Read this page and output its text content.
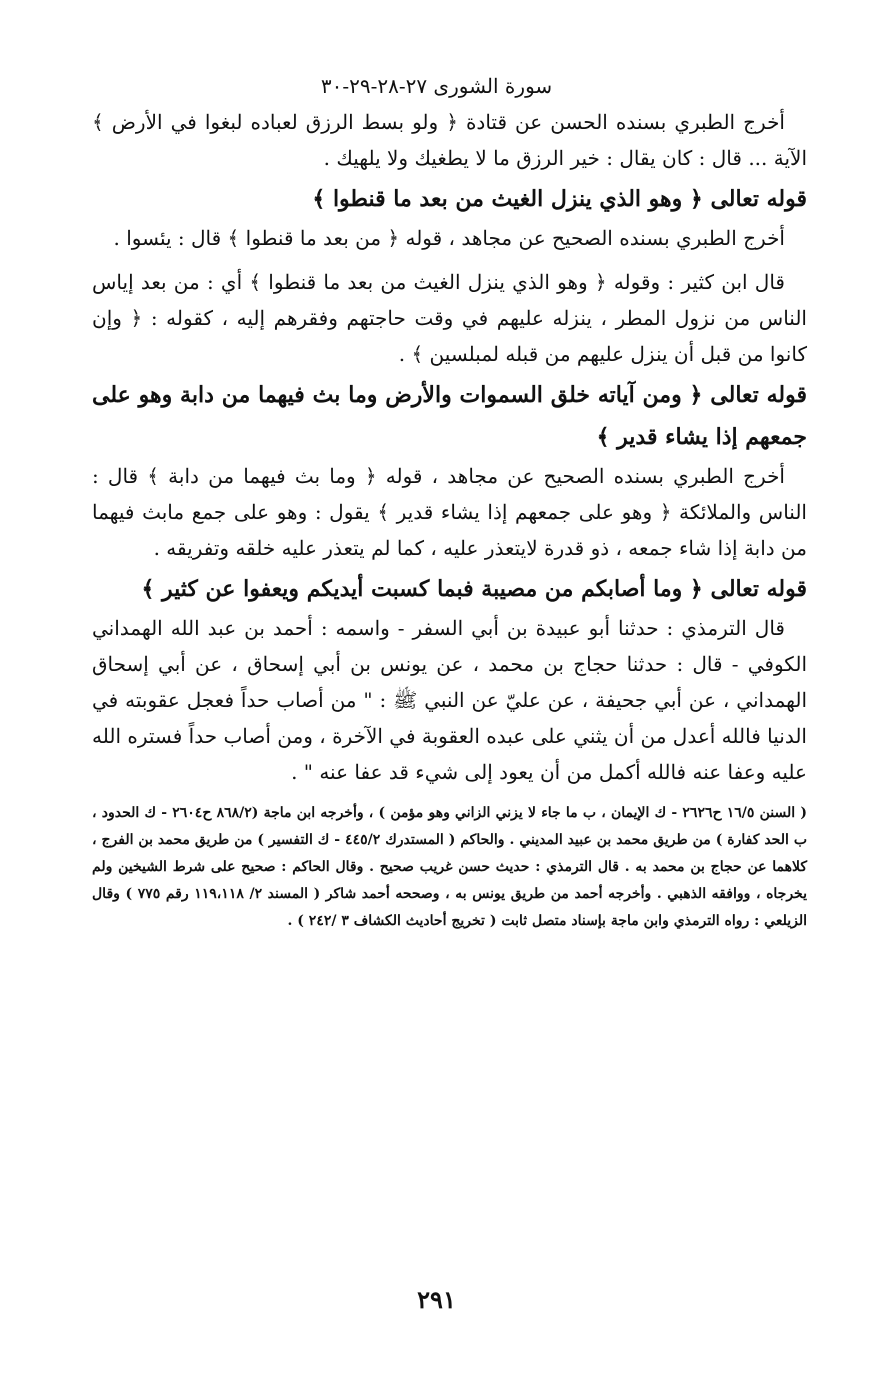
سورة الشورى ٢٧-٢٨-٢٩-٣٠

أخرج الطبري بسنده الحسن عن قتادة ﴿ ولو بسط الرزق لعباده لبغوا في الأرض ﴾ الآية ... قال : كان يقال : خير الرزق ما لا يطغيك ولا يلهيك .

قوله تعالى ﴿ وهو الذي ينزل الغيث من بعد ما قنطوا ﴾

أخرج الطبري بسنده الصحيح عن مجاهد ، قوله ﴿ من بعد ما قنطوا ﴾ قال : يئسوا .

قال ابن كثير : وقوله ﴿ وهو الذي ينزل الغيث من بعد ما قنطوا ﴾ أي : من بعد إياس الناس من نزول المطر ، ينزله عليهم في وقت حاجتهم وفقرهم إليه ، كقوله : ﴿ وإن كانوا من قبل أن ينزل عليهم من قبله لمبلسين ﴾ .

قوله تعالى ﴿ ومن آياته خلق السموات والأرض وما بث فيهما من دابة وهو على جمعهم إذا يشاء قدير ﴾

أخرج الطبري بسنده الصحيح عن مجاهد ، قوله ﴿ وما بث فيهما من دابة ﴾ قال : الناس والملائكة ﴿ وهو على جمعهم إذا يشاء قدير ﴾ يقول : وهو على جمع مابث فيهما من دابة إذا شاء جمعه ، ذو قدرة لايتعذر عليه ، كما لم يتعذر عليه خلقه وتفريقه .

قوله تعالى ﴿ وما أصابكم من مصيبة فبما كسبت أيديكم ويعفوا عن كثير ﴾

قال الترمذي : حدثنا أبو عبيدة بن أبي السفر - واسمه : أحمد بن عبد الله الهمداني الكوفي - قال : حدثنا حجاج بن محمد ، عن يونس بن أبي إسحاق ، عن أبي إسحاق الهمداني ، عن أبي جحيفة ، عن عليّ عن النبي ﷺ : " من أصاب حداً فعجل عقوبته في الدنيا فالله أعدل من أن يثني على عبده العقوبة في الآخرة ، ومن أصاب حداً فستره الله عليه وعفا عنه فالله أكمل من أن يعود إلى شيء قد عفا عنه " .

( السنن ١٦/٥ ح٢٦٢٦ - ك الإيمان ، ب ما جاء لا يزني الزاني وهو مؤمن ) ، وأخرجه ابن ماجة (٨٦٨/٢ ح٢٦٠٤ - ك الحدود ، ب الحد كفارة ) من طريق محمد بن عبيد المديني . والحاكم ( المستدرك ٤٤٥/٢ - ك التفسير ) من طريق محمد بن الفرج ، كلاهما عن حجاج بن محمد به . قال الترمذي : حديث حسن غريب صحيح . وقال الحاكم : صحيح على شرط الشيخين ولم يخرجاه ، ووافقه الذهبي . وأخرجه أحمد من طريق يونس به ، وصححه أحمد شاكر ( المسند ٢/ ١١٩،١١٨ رقم ٧٧٥ ) وقال الزيلعي : رواه الترمذي وابن ماجة بإسناد متصل ثابت ( تخريج أحاديث الكشاف ٣ /٢٤٢ ) .

٢٩١
